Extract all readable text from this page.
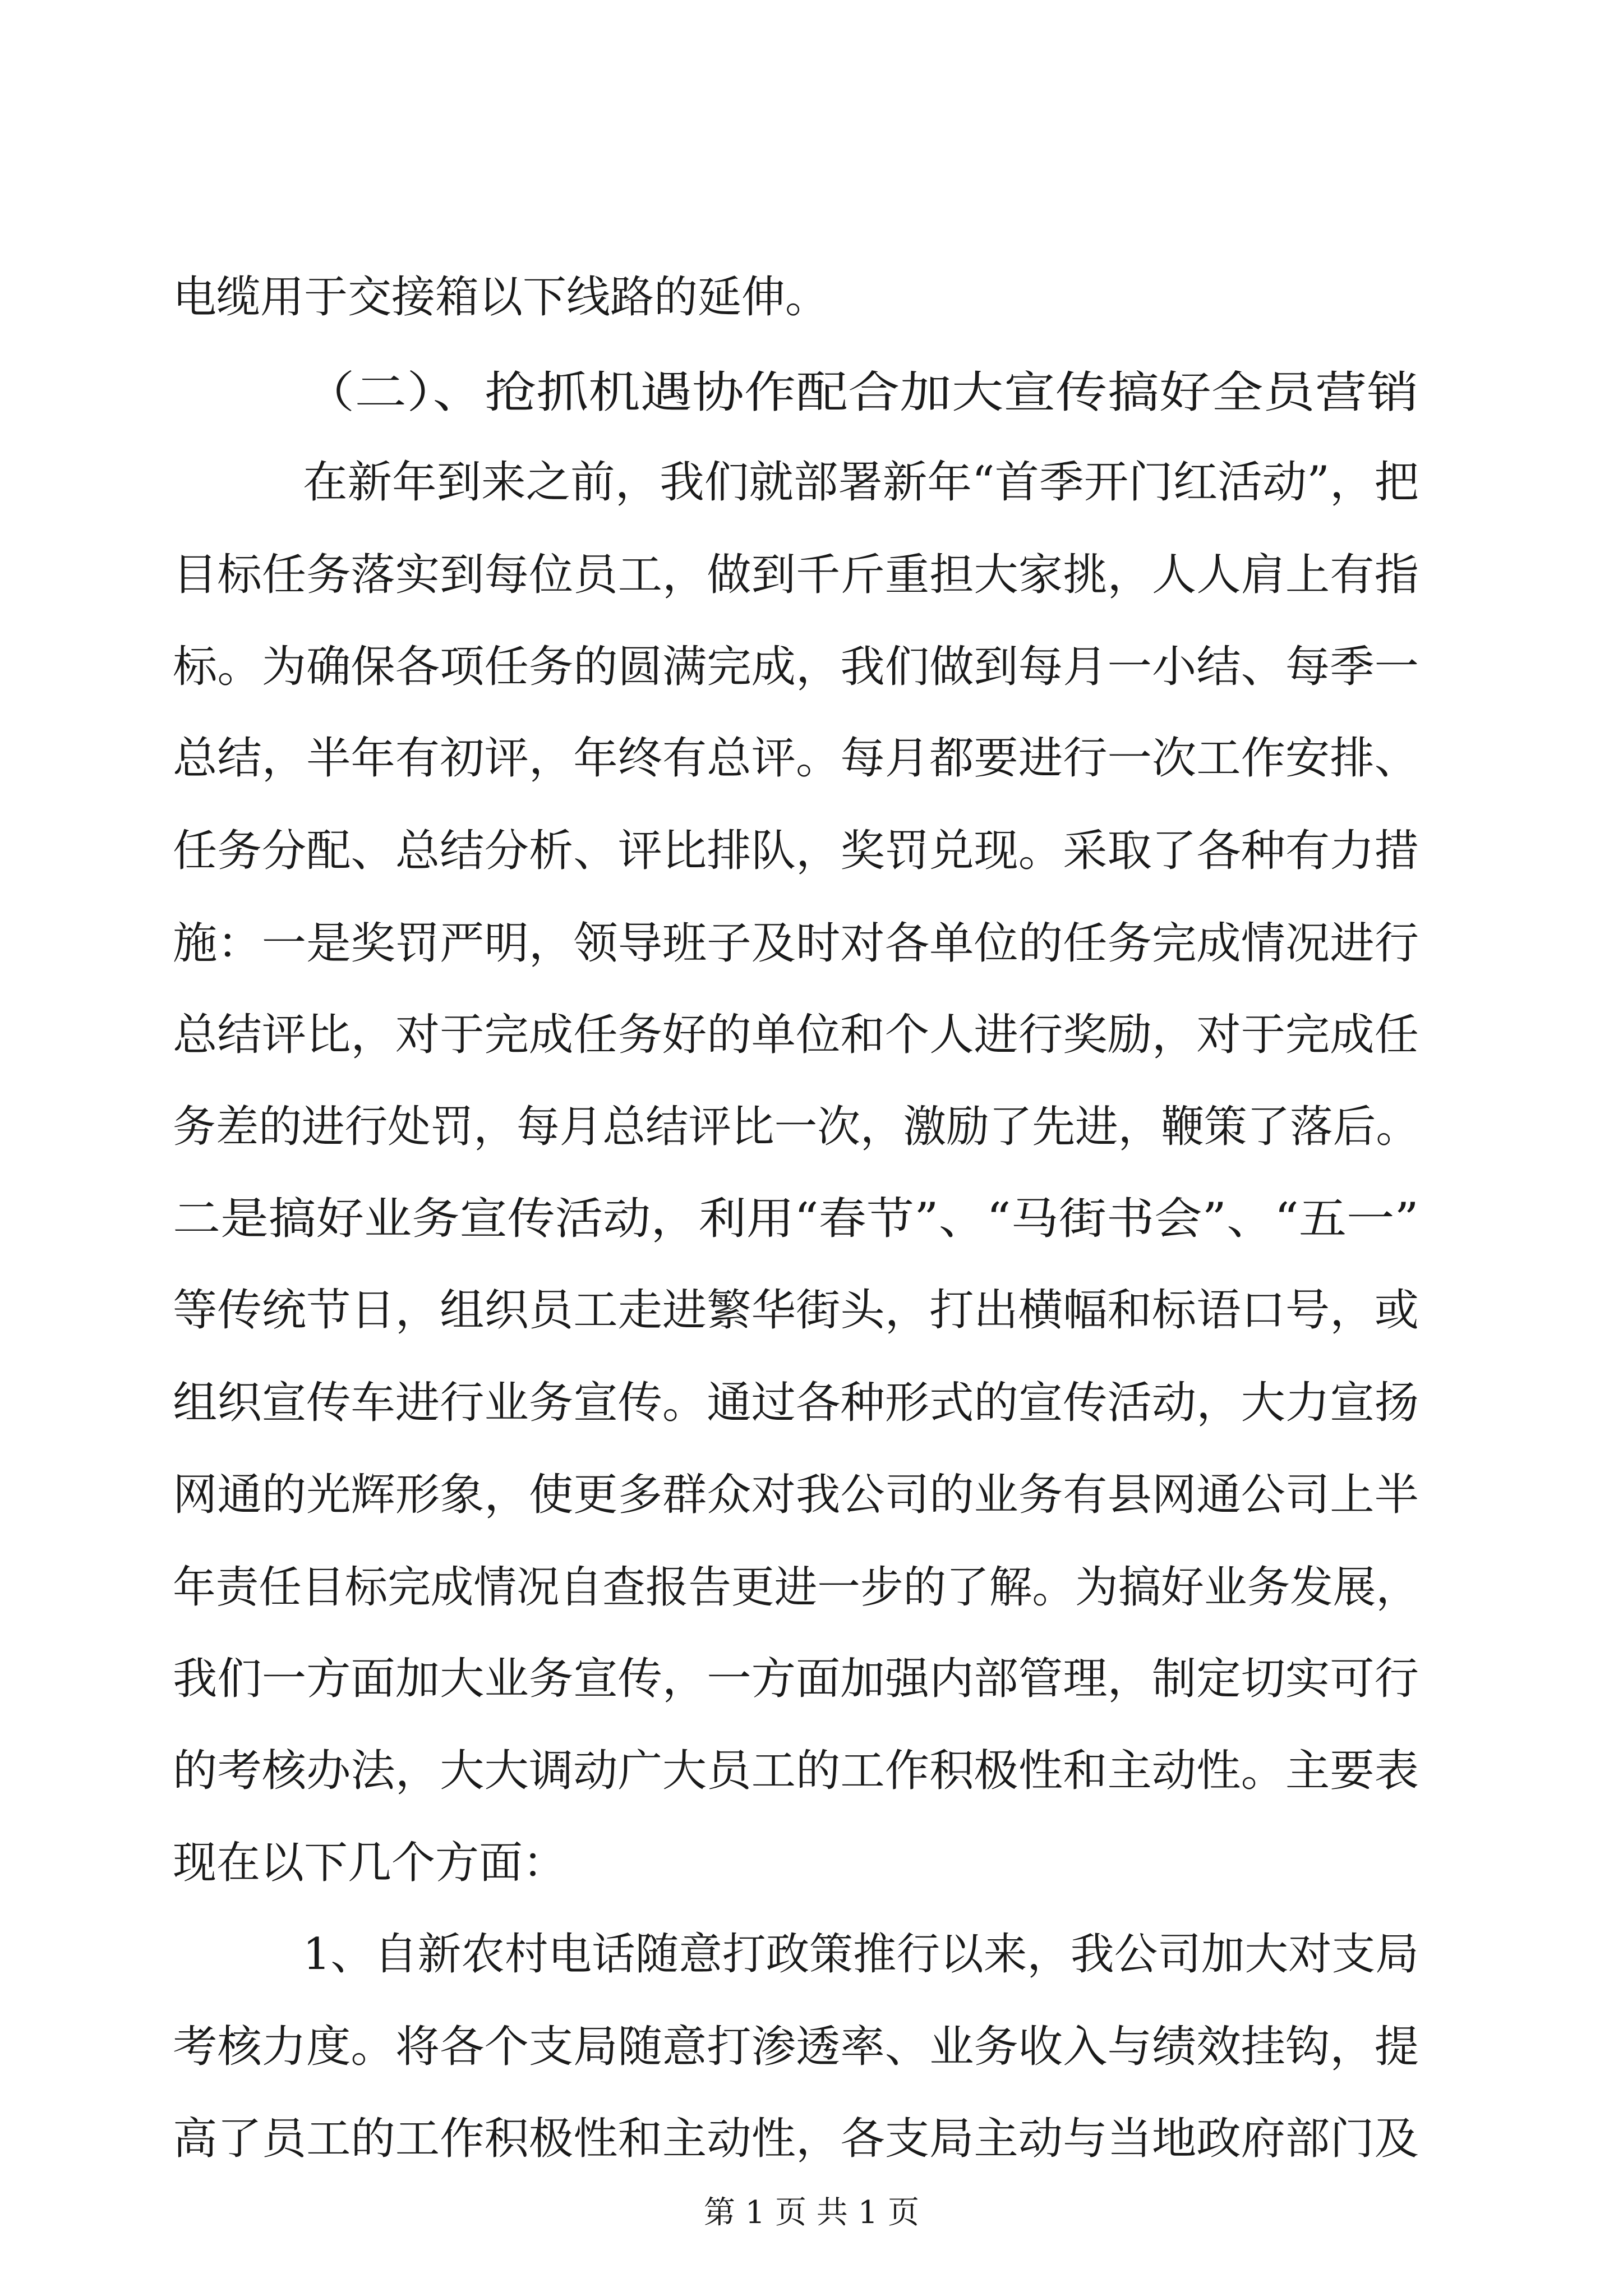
电缆用于交接箱以下线路的延伸。
（二）、抢抓机遇协作配合加大宣传搞好全员营销
在新年到来之前，我们就部署新年“首季开门红活动”，把
目标任务落实到每位员工，做到千斤重担大家挑，人人肩上有指
标。为确保各项任务的圆满完成，我们做到每月一小结、每季一
总结，半年有初评，年终有总评。每月都要进行一次工作安排、
任务分配、总结分析、评比排队，奖罚兑现。采取了各种有力措
施：一是奖罚严明，领导班子及时对各单位的任务完成情况进行
总结评比，对于完成任务好的单位和个人进行奖励，对于完成任
务差的进行处罚，每月总结评比一次，激励了先进，鞭策了落后。
二是搞好业务宣传活动，利用“春节”、“马街书会”、“五一”
等传统节日，组织员工走进繁华街头，打出横幅和标语口号，或
组织宣传车进行业务宣传。通过各种形式的宣传活动，大力宣扬
网通的光辉形象，使更多群众对我公司的业务有县网通公司上半
年责任目标完成情况自查报告更进一步的了解。为搞好业务发展，
我们一方面加大业务宣传，一方面加强内部管理，制定切实可行
的考核办法，大大调动广大员工的工作积极性和主动性。主要表
现在以下几个方面：
1、自新农村电话随意打政策推行以来，我公司加大对支局
考核力度。将各个支局随意打渗透率、业务收入与绩效挂钩，提
高了员工的工作积极性和主动性，各支局主动与当地政府部门及
第 1 页 共 1 页
